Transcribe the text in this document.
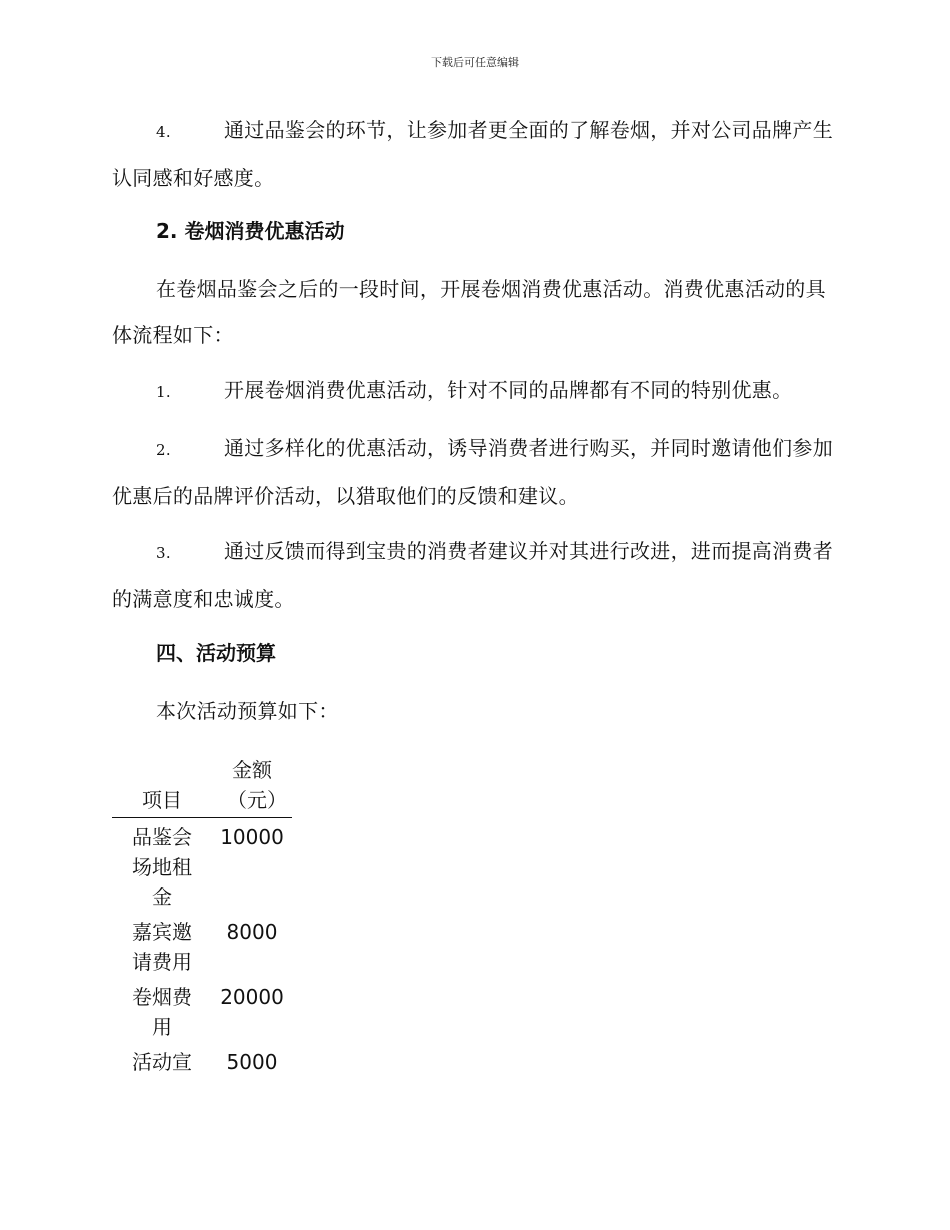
下载后可任意编辑
4.	通过品鉴会的环节，让参加者更全面的了解卷烟，并对公司品牌产生认同感和好感度。
2. 卷烟消费优惠活动
在卷烟品鉴会之后的一段时间，开展卷烟消费优惠活动。消费优惠活动的具体流程如下：
1.	开展卷烟消费优惠活动，针对不同的品牌都有不同的特别优惠。
2.	通过多样化的优惠活动，诱导消费者进行购买，并同时邀请他们参加优惠后的品牌评价活动，以猎取他们的反馈和建议。
3.	通过反馈而得到宝贵的消费者建议并对其进行改进，进而提高消费者的满意度和忠诚度。
四、活动预算
本次活动预算如下：
项目	金额（元）
品鉴会场地租金	10000
嘉宾邀请费用	8000
卷烟费用	20000
活动宣	5000
